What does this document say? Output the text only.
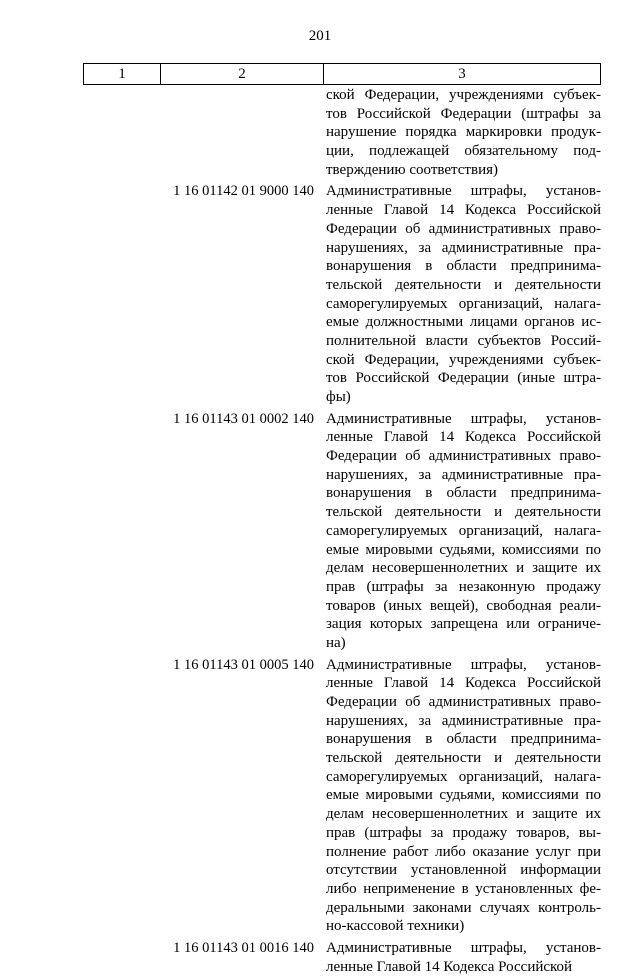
201
1	2	3
ской Федерации, учреждениями субъек-
тов Российской Федерации (штрафы за
нарушение порядка маркировки продук-
ции, подлежащей обязательному под-
тверждению соответствия)
1 16 01142 01 9000 140 Административные штрафы, установ-
ленные Главой 14 Кодекса Российской
Федерации об административных право-
нарушениях, за административные пра-
вонарушения в области предпринима-
тельской деятельности и деятельности
саморегулируемых организаций, налага-
емые должностными лицами органов ис-
полнительной власти субъектов Россий-
ской Федерации, учреждениями субъек-
тов Российской Федерации (иные штра-
фы)
1 16 01143 01 0002 140 Административные штрафы, установ-
ленные Главой 14 Кодекса Российской
Федерации об административных право-
нарушениях, за административные пра-
вонарушения в области предпринима-
тельской деятельности и деятельности
саморегулируемых организаций, налага-
емые мировыми судьями, комиссиями по
делам несовершеннолетних и защите их
прав (штрафы за незаконную продажу
товаров (иных вещей), свободная реали-
зация которых запрещена или ограниче-
на)
1 16 01143 01 0005 140 Административные штрафы, установ-
ленные Главой 14 Кодекса Российской
Федерации об административных право-
нарушениях, за административные пра-
вонарушения в области предпринима-
тельской деятельности и деятельности
саморегулируемых организаций, налага-
емые мировыми судьями, комиссиями по
делам несовершеннолетних и защите их
прав (штрафы за продажу товаров, вы-
полнение работ либо оказание услуг при
отсутствии установленной информации
либо неприменение в установленных фе-
деральными законами случаях контроль-
но-кассовой техники)
1 16 01143 01 0016 140 Административные штрафы, установ-
ленные Главой 14 Кодекса Российской
